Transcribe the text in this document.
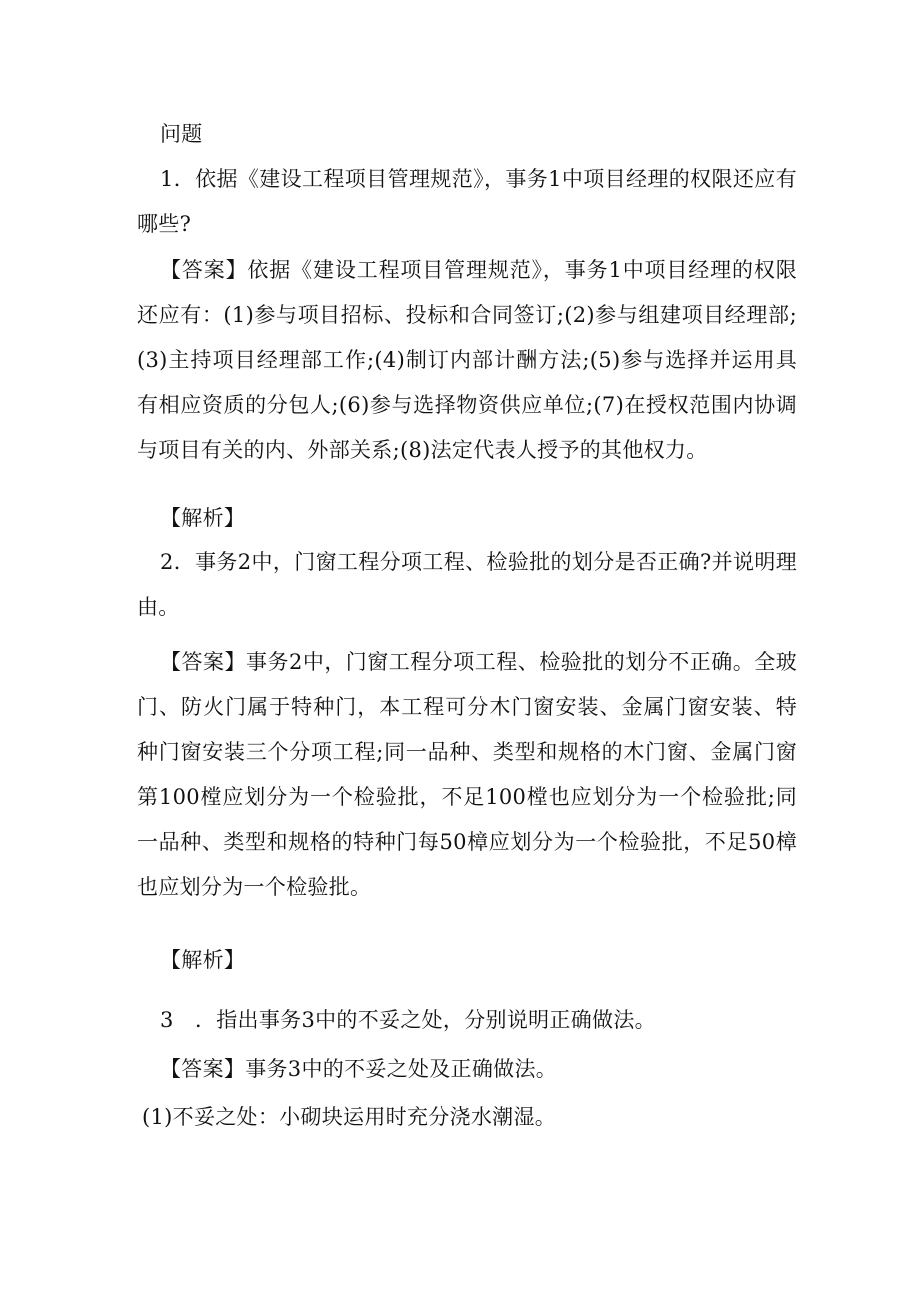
问题

1．依据《建设工程项目管理规范》，事务1中项目经理的权限还应有哪些?

【答案】依据《建设工程项目管理规范》，事务1中项目经理的权限还应有：(1)参与项目招标、投标和合同签订;(2)参与组建项目经理部;(3)主持项目经理部工作;(4)制订内部计酬方法;(5)参与选择并运用具有相应资质的分包人;(6)参与选择物资供应单位;(7)在授权范围内协调与项目有关的内、外部关系;(8)法定代表人授予的其他权力。

【解析】

2．事务2中，门窗工程分项工程、检验批的划分是否正确?并说明理由。

【答案】事务2中，门窗工程分项工程、检验批的划分不正确。全玻门、防火门属于特种门，本工程可分木门窗安装、金属门窗安装、特种门窗安装三个分项工程;同一品种、类型和规格的木门窗、金属门窗第100樘应划分为一个检验批，不足100樘也应划分为一个检验批;同一品种、类型和规格的特种门每50樟应划分为一个检验批，不足50樟也应划分为一个检验批。

【解析】

3　．指出事务3中的不妥之处，分别说明正确做法。

【答案】事务3中的不妥之处及正确做法。

(1)不妥之处：小砌块运用时充分浇水潮湿。
